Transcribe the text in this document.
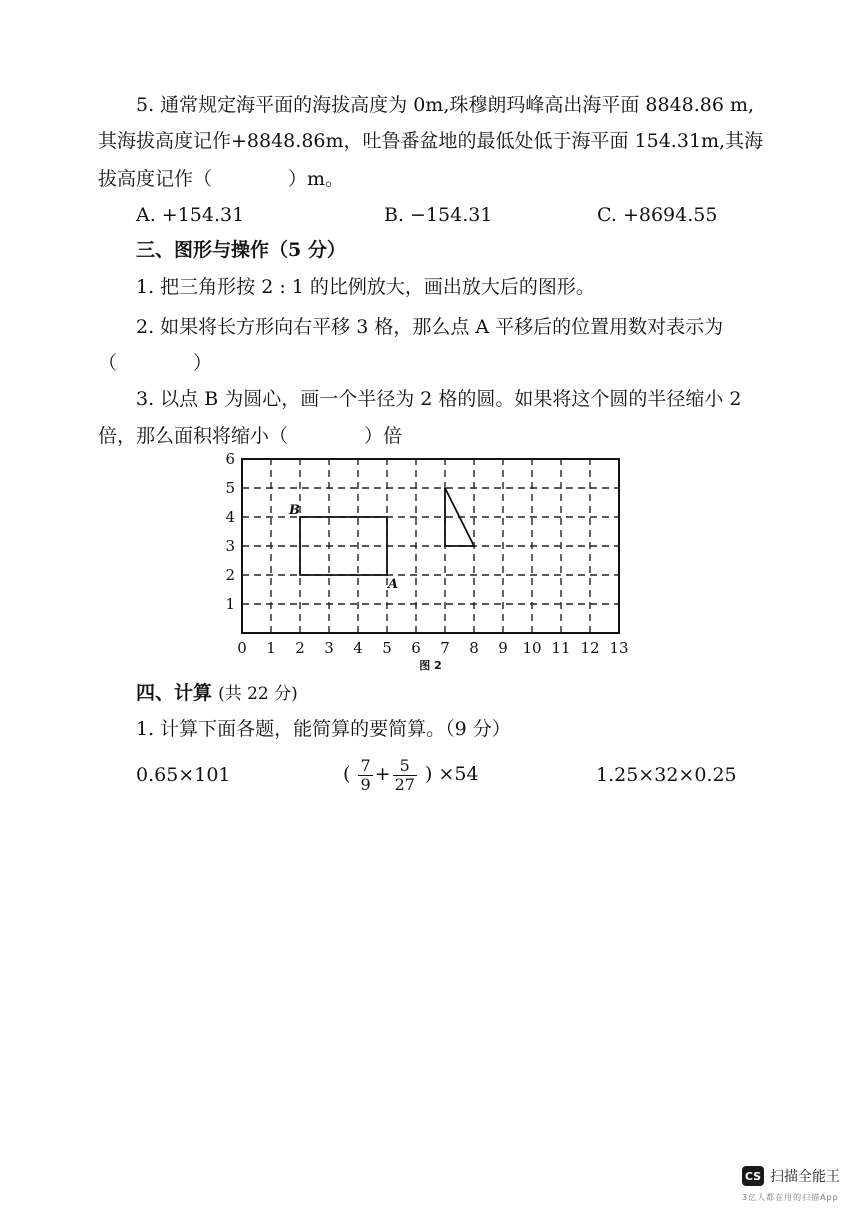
5. 通常规定海平面的海拔高度为 0m,珠穆朗玛峰高出海平面 8848.86 m,
其海拔高度记作+8848.86m，吐鲁番盆地的最低处低于海平面 154.31m,其海
拔高度记作（　　　　）m。
A. +154.31	B. −154.31	C. +8694.55
三、图形与操作（5 分）
1. 把三角形按 2 : 1 的比例放大，画出放大后的图形。
2. 如果将长方形向右平移 3 格，那么点 A 平移后的位置用数对表示为
（　　　　）
3. 以点 B 为圆心，画一个半径为 2 格的圆。如果将这个圆的半径缩小 2
倍，那么面积将缩小（　　　　）倍
0 1 2 3 4 5 6 7 8 9 10 11 12 13
1
2
3
4
5
6
B
A
图 2
四、计算 (共 22 分)
1. 计算下面各题，能简算的要简算。（9 分）
0.65×101	( $\frac{7}{9} + \frac{5}{27}$ ) ×54	1.25×32×0.25
CS 扫描全能王
3亿人都在用的扫描App
